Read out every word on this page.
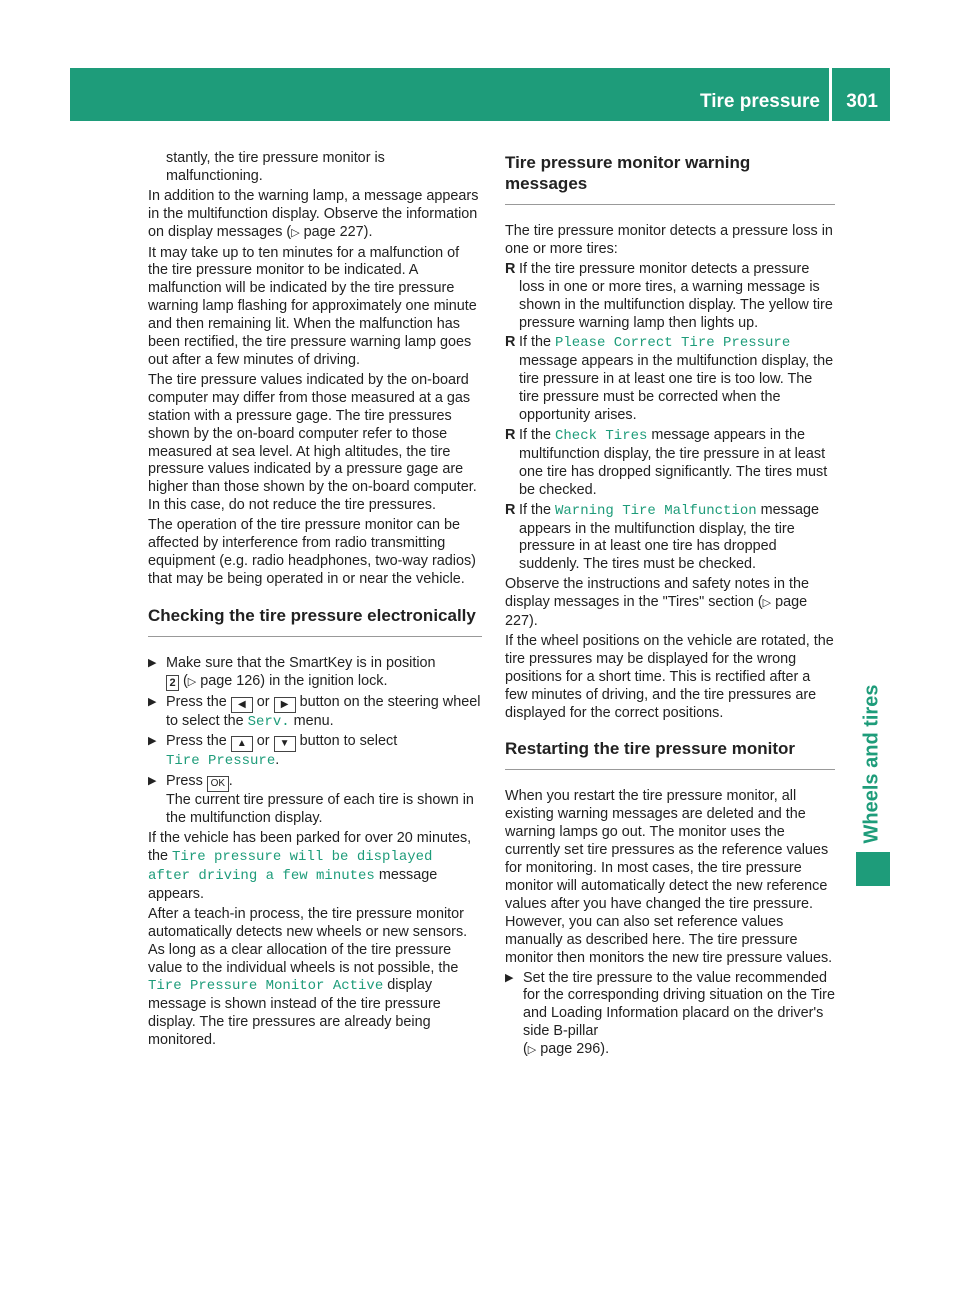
Tire pressure 301
Wheels and tires

stantly, the tire pressure monitor is malfunctioning.

In addition to the warning lamp, a message appears in the multifunction display. Observe the information on display messages (▷ page 227).

It may take up to ten minutes for a malfunction of the tire pressure monitor to be indicated. A malfunction will be indicated by the tire pressure warning lamp flashing for approximately one minute and then remaining lit. When the malfunction has been rectified, the tire pressure warning lamp goes out after a few minutes of driving.

The tire pressure values indicated by the on-board computer may differ from those measured at a gas station with a pressure gage. The tire pressures shown by the on-board computer refer to those measured at sea level. At high altitudes, the tire pressure values indicated by a pressure gage are higher than those shown by the on-board computer. In this case, do not reduce the tire pressures.

The operation of the tire pressure monitor can be affected by interference from radio transmitting equipment (e.g. radio headphones, two-way radios) that may be being operated in or near the vehicle.

Checking the tire pressure electronically
▶ Make sure that the SmartKey is in position
2 (▷ page 126) in the ignition lock.
▶ Press the ◀ or ▶ button on the steering wheel to select the Serv. menu.
▶ Press the ▲ or ▼ button to select
Tire Pressure.
▶ Press OK .
The current tire pressure of each tire is shown in the multifunction display.

If the vehicle has been parked for over 20 minutes, the Tire pressure will be displayed after driving a few minutes message appears.

After a teach-in process, the tire pressure monitor automatically detects new wheels or new sensors. As long as a clear allocation of the tire pressure value to the individual wheels is not possible, the Tire Pressure Monitor Active display message is shown instead of the tire pressure display. The tire pressures are already being monitored.

Tire pressure monitor warning messages

The tire pressure monitor detects a pressure loss in one or more tires:

R If the tire pressure monitor detects a pressure loss in one or more tires, a warning message is shown in the multifunction display. The yellow tire pressure warning lamp then lights up.
R If the Please Correct Tire Pressure message appears in the multifunction display, the tire pressure in at least one tire is too low. The tire pressure must be corrected when the opportunity arises.
R If the Check Tires message appears in the multifunction display, the tire pressure in at least one tire has dropped significantly. The tires must be checked.
R If the Warning Tire Malfunction message appears in the multifunction display, the tire pressure in at least one tire has dropped suddenly. The tires must be checked.

Observe the instructions and safety notes in the display messages in the "Tires" section (▷ page 227).

If the wheel positions on the vehicle are rotated, the tire pressures may be displayed for the wrong positions for a short time. This is rectified after a few minutes of driving, and the tire pressures are displayed for the correct positions.

Restarting the tire pressure monitor

When you restart the tire pressure monitor, all existing warning messages are deleted and the warning lamps go out. The monitor uses the currently set tire pressures as the reference values for monitoring. In most cases, the tire pressure monitor will automatically detect the new reference values after you have changed the tire pressure. However, you can also set reference values manually as described here. The tire pressure monitor then monitors the new tire pressure values.

▶ Set the tire pressure to the value recommended for the corresponding driving situation on the Tire and Loading Information placard on the driver's side B-pillar
(▷ page 296).
